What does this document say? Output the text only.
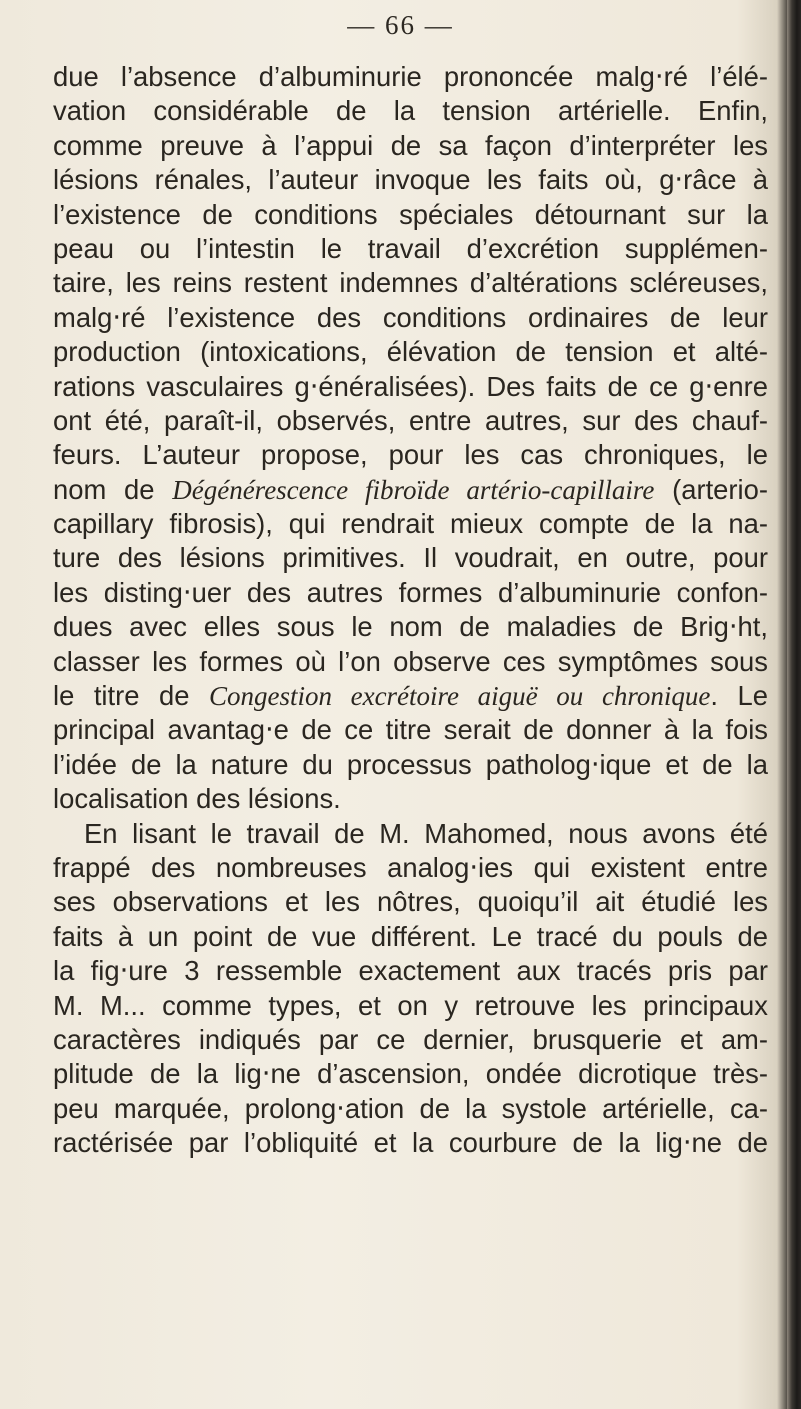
— 66 —
due l’absence d’albuminurie prononcée malg‧ré l’élé-
vation considérable de la tension artérielle. Enfin,
comme preuve à l’appui de sa façon d’interpréter les
lésions rénales, l’auteur invoque les faits où, g‧râce à
l’existence de conditions spéciales détournant sur la
peau ou l’intestin le travail d’excrétion supplémen-
taire, les reins restent indemnes d’altérations scléreuses,
malg‧ré l’existence des conditions ordinaires de leur
production (intoxications, élévation de tension et alté-
rations vasculaires g‧énéralisées). Des faits de ce g‧enre
ont été, paraît-il, observés, entre autres, sur des chauf-
feurs. L’auteur propose, pour les cas chroniques, le
nom de Dégénérescence fibroïde artério-capillaire (arterio-
capillary fibrosis), qui rendrait mieux compte de la na-
ture des lésions primitives. Il voudrait, en outre, pour
les disting‧uer des autres formes d’albuminurie confon-
dues avec elles sous le nom de maladies de Brig‧ht,
classer les formes où l’on observe ces symptômes sous
le titre de Congestion excrétoire aiguë ou chronique. Le
principal avantag‧e de ce titre serait de donner à la fois
l’idée de la nature du processus patholog‧ique et de la
localisation des lésions.
En lisant le travail de M. Mahomed, nous avons été
frappé des nombreuses analog‧ies qui existent entre
ses observations et les nôtres, quoiqu’il ait étudié les
faits à un point de vue différent. Le tracé du pouls de
la fig‧ure 3 ressemble exactement aux tracés pris par
M. M... comme types, et on y retrouve les principaux
caractères indiqués par ce dernier, brusquerie et am-
plitude de la lig‧ne d’ascension, ondée dicrotique très-
peu marquée, prolong‧ation de la systole artérielle, ca-
ractérisée par l’obliquité et la courbure de la lig‧ne de
